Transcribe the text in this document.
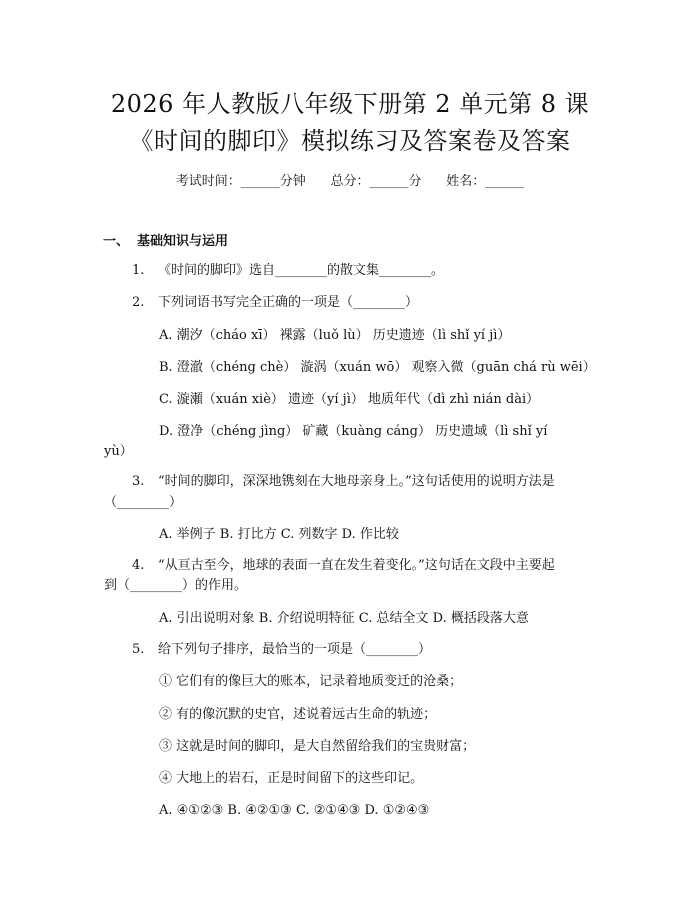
2026 年人教版八年级下册第 2 单元第 8 课
《时间的脚印》模拟练习及答案卷及答案
考试时间：______分钟      总分：______分      姓名：______
一、 基础知识与运用
1. 《时间的脚印》选自________的散文集________。
2. 下列词语书写完全正确的一项是（________）
A. 潮汐（cháo xī） 裸露（luǒ lù） 历史遗迹（lì shǐ yí jì）
B. 澄澈（chéng chè） 漩涡（xuán wō） 观察入微（guān chá rù wēi）
C. 漩瀬（xuán xiè） 遗迹（yí jì） 地质年代（dì zhì nián dài）
D. 澄净（chéng jìng） 矿藏（kuàng cáng） 历史遗域（lì shǐ yí
yù）
3. “时间的脚印，深深地镌刻在大地母亲身上。”这句话使用的说明方法是
（________）
A. 举例子 B. 打比方 C. 列数字 D. 作比较
4. “从亘古至今，地球的表面一直在发生着变化。”这句话在文段中主要起
到（________）的作用。
A. 引出说明对象 B. 介绍说明特征 C. 总结全文 D. 概括段落大意
5. 给下列句子排序，最恰当的一项是（________）
① 它们有的像巨大的账本，记录着地质变迁的沧桑；
② 有的像沉默的史官，述说着远古生命的轨迹；
③ 这就是时间的脚印，是大自然留给我们的宝贵财富；
④ 大地上的岩石，正是时间留下的这些印记。
A. ④①②③ B. ④②①③ C. ②①④③ D. ①②④③
